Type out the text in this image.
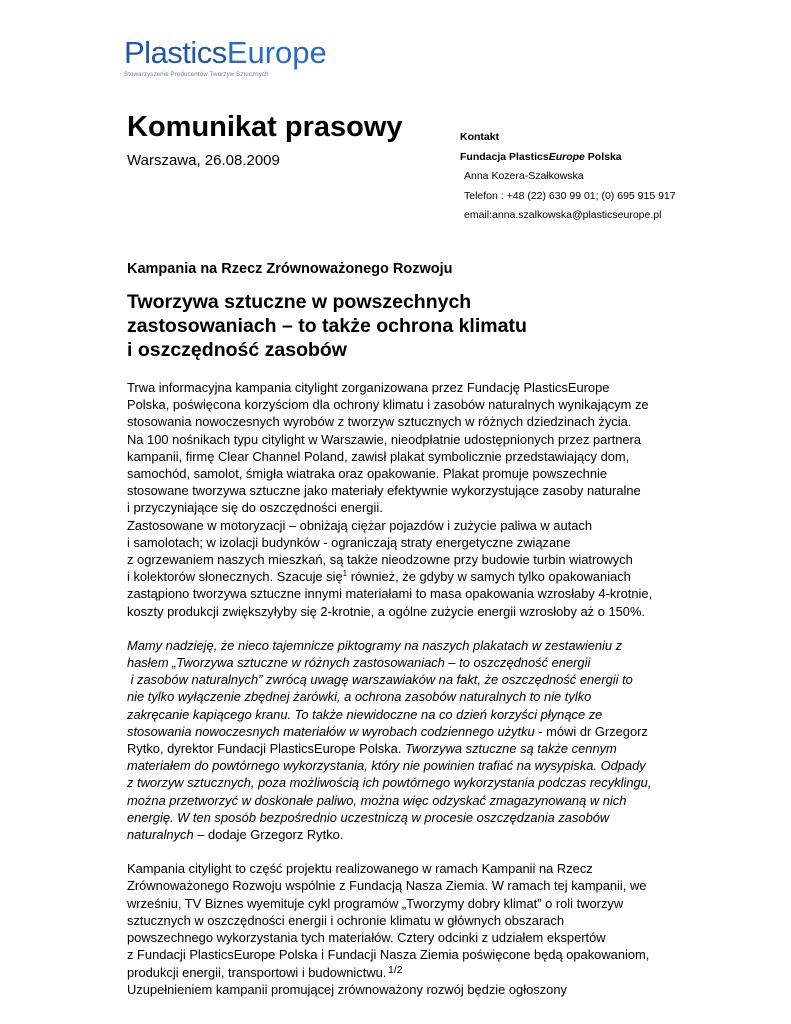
PlasticsEurope
Stowarzyszenie Producentów Tworzyw Sztucznych
Komunikat prasowy
Warszawa, 26.08.2009
Kontakt
Fundacja PlasticsEurope Polska
Anna Kozera-Szałkowska
Telefon : +48 (22) 630 99 01; (0) 695 915 917
email:anna.szalkowska@plasticseurope.pl
Kampania na Rzecz Zrównoważonego Rozwoju
Tworzywa sztuczne w powszechnych
zastosowaniach – to także ochrona klimatu
i oszczędność zasobów

Trwa informacyjna kampania citylight zorganizowana przez Fundację PlasticsEurope
Polska, poświęcona korzyściom dla ochrony klimatu i zasobów naturalnych wynikającym ze
stosowania nowoczesnych wyrobów z tworzyw sztucznych w różnych dziedzinach życia.
Na 100 nośnikach typu citylight w Warszawie, nieodpłatnie udostępnionych przez partnera
kampanii, firmę Clear Channel Poland, zawisł plakat symbolicznie przedstawiający dom,
samochód, samolot, śmigła wiatraka oraz opakowanie. Plakat promuje powszechnie
stosowane tworzywa sztuczne jako materiały efektywnie wykorzystujące zasoby naturalne
i przyczyniające się do oszczędności energii.
Zastosowane w motoryzacji – obniżają ciężar pojazdów i zużycie paliwa w autach
i samolotach; w izolacji budynków - ograniczają straty energetyczne związane
z ogrzewaniem naszych mieszkań, są także nieodzowne przy budowie turbin wiatrowych
i kolektorów słonecznych. Szacuje się$^1$ również, że gdyby w samych tylko opakowaniach
zastąpiono tworzywa sztuczne innymi materiałami to masa opakowania wzrosłaby 4-krotnie,
koszty produkcji zwiększyłyby się 2-krotnie, a ogólne zużycie energii wzrosłoby aż o 150%.

Mamy nadzieję, że nieco tajemnicze piktogramy na naszych plakatach w zestawieniu z
hasłem „Tworzywa sztuczne w różnych zastosowaniach – to oszczędność energii
i zasobów naturalnych” zwrócą uwagę warszawiaków na fakt, że oszczędność energii to
nie tylko wyłączenie zbędnej żarówki, a ochrona zasobów naturalnych to nie tylko
zakręcanie kapiącego kranu. To także niewidoczne na co dzień korzyści płynące ze
stosowania nowoczesnych materiałów w wyrobach codziennego użytku - mówi dr Grzegorz
Rytko, dyrektor Fundacji PlasticsEurope Polska. Tworzywa sztuczne są także cennym
materiałem do powtórnego wykorzystania, który nie powinien trafiać na wysypiska. Odpady
z tworzyw sztucznych, poza możliwością ich powtórnego wykorzystania podczas recyklingu,
można przetworzyć w doskonałe paliwo, można więc odzyskać zmagazynowaną w nich
energię. W ten sposób bezpośrednio uczestniczą w procesie oszczędzania zasobów
naturalnych – dodaje Grzegorz Rytko.

Kampania citylight to część projektu realizowanego w ramach Kampanii na Rzecz
Zrównoważonego Rozwoju wspólnie z Fundacją Nasza Ziemia. W ramach tej kampanii, we
wrześniu, TV Biznes wyemituje cykl programów „Tworzymy dobry klimat” o roli tworzyw
sztucznych w oszczędności energii i ochronie klimatu w głównych obszarach
powszechnego wykorzystania tych materiałów. Cztery odcinki z udziałem ekspertów
z Fundacji PlasticsEurope Polska i Fundacji Nasza Ziemia poświęcone będą opakowaniom,
produkcji energii, transportowi i budownictwu.
Uzupełnieniem kampanii promującej zrównoważony rozwój będzie ogłoszony

1/2
